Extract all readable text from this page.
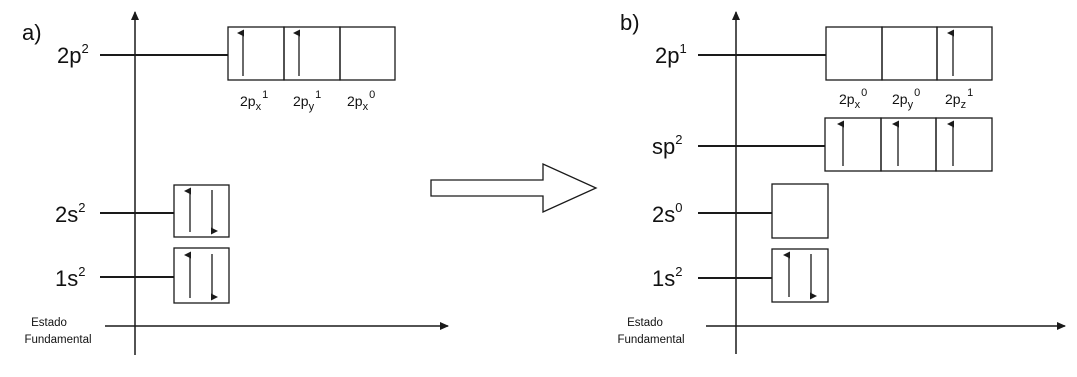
a)
Estado
Fundamental
$2p^2$
$2p_x^1$ $2p_y^1$ $2p_x^0$
$2s^2$
$1s^2$
b)
Estado
Fundamental
$2p^1$
$2p_x^0$ $2p_y^0$ $2p_z^1$
$sp^2$
$2s^0$
$1s^2$
